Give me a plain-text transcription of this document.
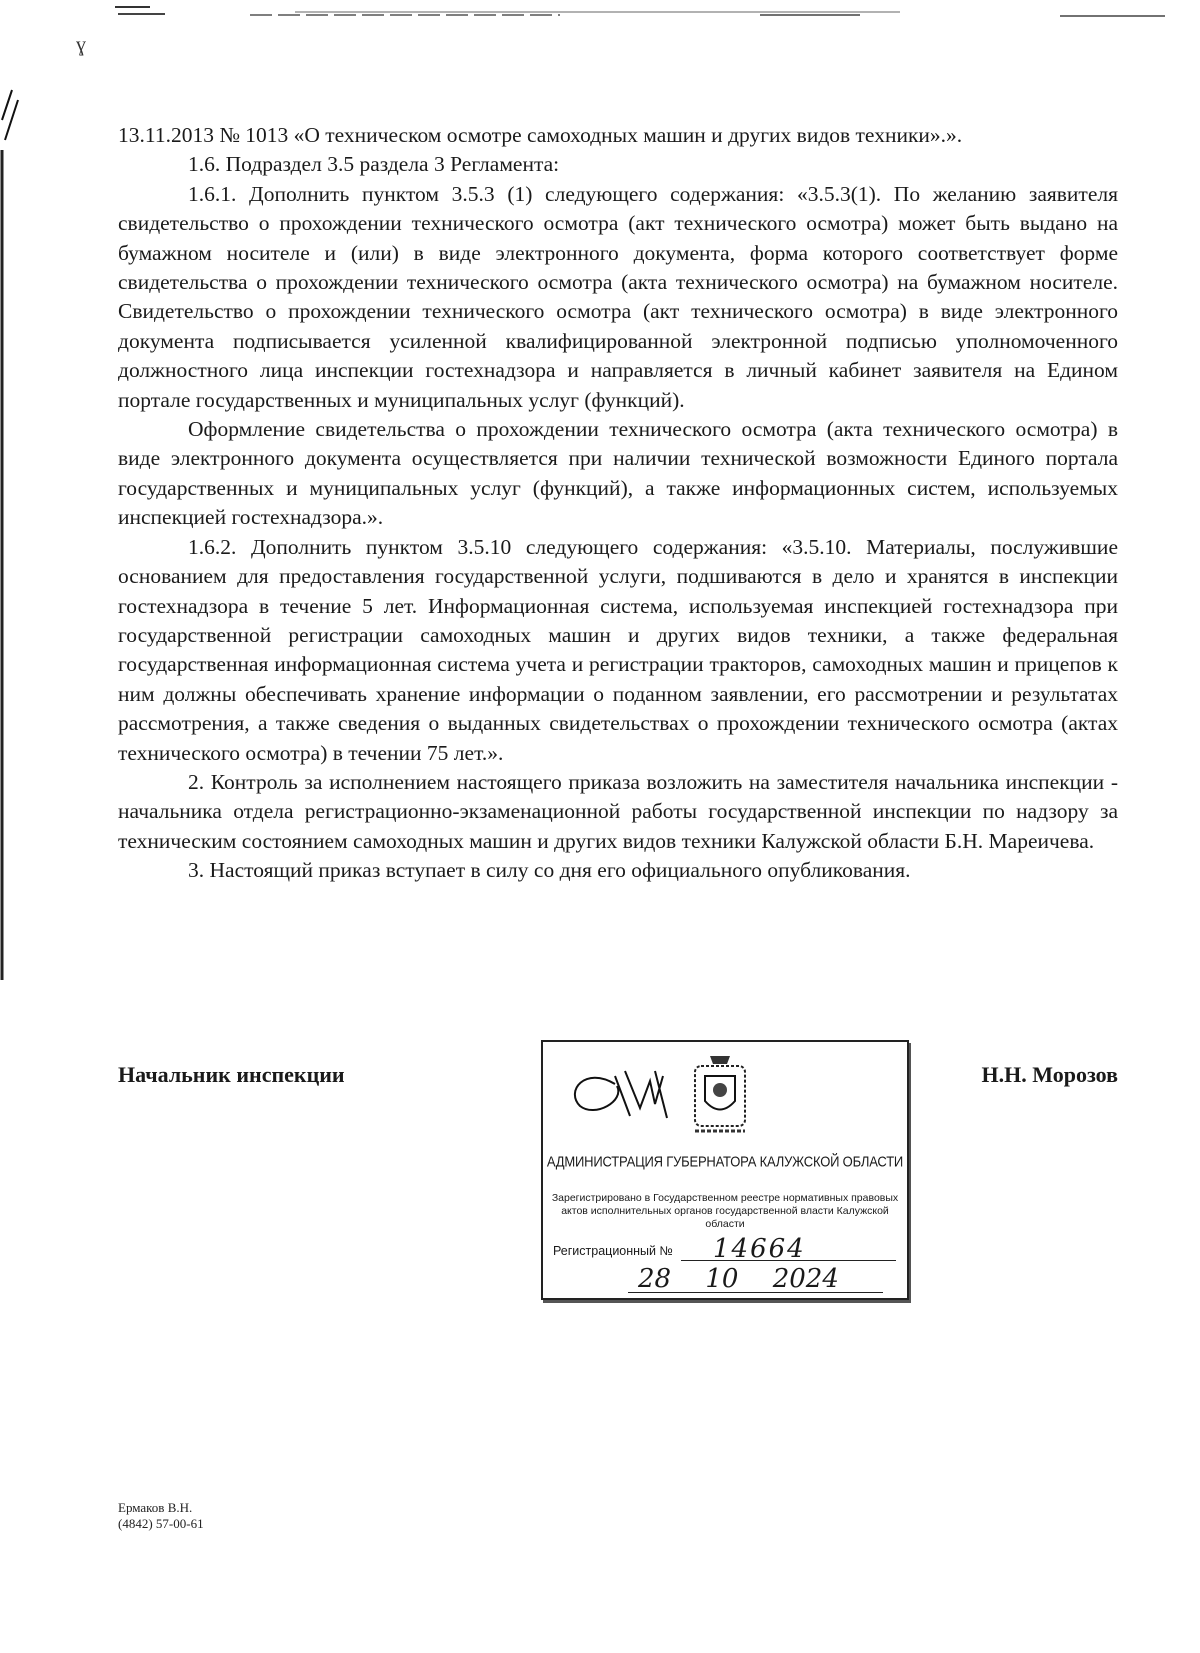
ɣ

13.11.2013 № 1013 «О техническом осмотре самоходных машин и других видов техники».».

1.6. Подраздел 3.5 раздела 3 Регламента:

1.6.1. Дополнить пунктом 3.5.3 (1) следующего содержания: «3.5.3(1). По желанию заявителя свидетельство о прохождении технического осмотра (акт технического осмотра) может быть выдано на бумажном носителе и (или) в виде электронного документа, форма которого соответствует форме свидетельства о прохождении технического осмотра (акта технического осмотра) на бумажном носителе. Свидетельство о прохождении технического осмотра (акт технического осмотра) в виде электронного документа подписывается усиленной квалифицированной электронной подписью уполномоченного должностного лица инспекции гостехнадзора и направляется в личный кабинет заявителя на Едином портале государственных и муниципальных услуг (функций).

Оформление свидетельства о прохождении технического осмотра (акта технического осмотра) в виде электронного документа осуществляется при наличии технической возможности Единого портала государственных и муниципальных услуг (функций), а также информационных систем, используемых инспекцией гостехнадзора.».

1.6.2. Дополнить пунктом 3.5.10 следующего содержания: «3.5.10. Материалы, послужившие основанием для предоставления государственной услуги, подшиваются в дело и хранятся в инспекции гостехнадзора в течение 5 лет. Информационная система, используемая инспекцией гостехнадзора при государственной регистрации самоходных машин и других видов техники, а также федеральная государственная информационная система учета и регистрации тракторов, самоходных машин и прицепов к ним должны обеспечивать хранение информации о поданном заявлении, его рассмотрении и результатах рассмотрения, а также сведения о выданных свидетельствах о прохождении технического осмотра (актах технического осмотра) в течении 75 лет.».

2. Контроль за исполнением настоящего приказа возложить на заместителя начальника инспекции - начальника отдела регистрационно-экзаменационной работы государственной инспекции по надзору за техническим состоянием самоходных машин и других видов техники Калужской области Б.Н. Мареичева.

3. Настоящий приказ вступает в силу со дня его официального опубликования.

Начальник инспекции	Н.Н. Морозов
АДМИНИСТРАЦИЯ ГУБЕРНАТОРА КАЛУЖСКОЙ ОБЛАСТИ
Зарегистрировано в Государственном реестре нормативных правовых актов исполнительных органов государственной власти Калужской области
Регистрационный № 14664
28 10 2024
Ермаков В.Н.
(4842) 57-00-61
